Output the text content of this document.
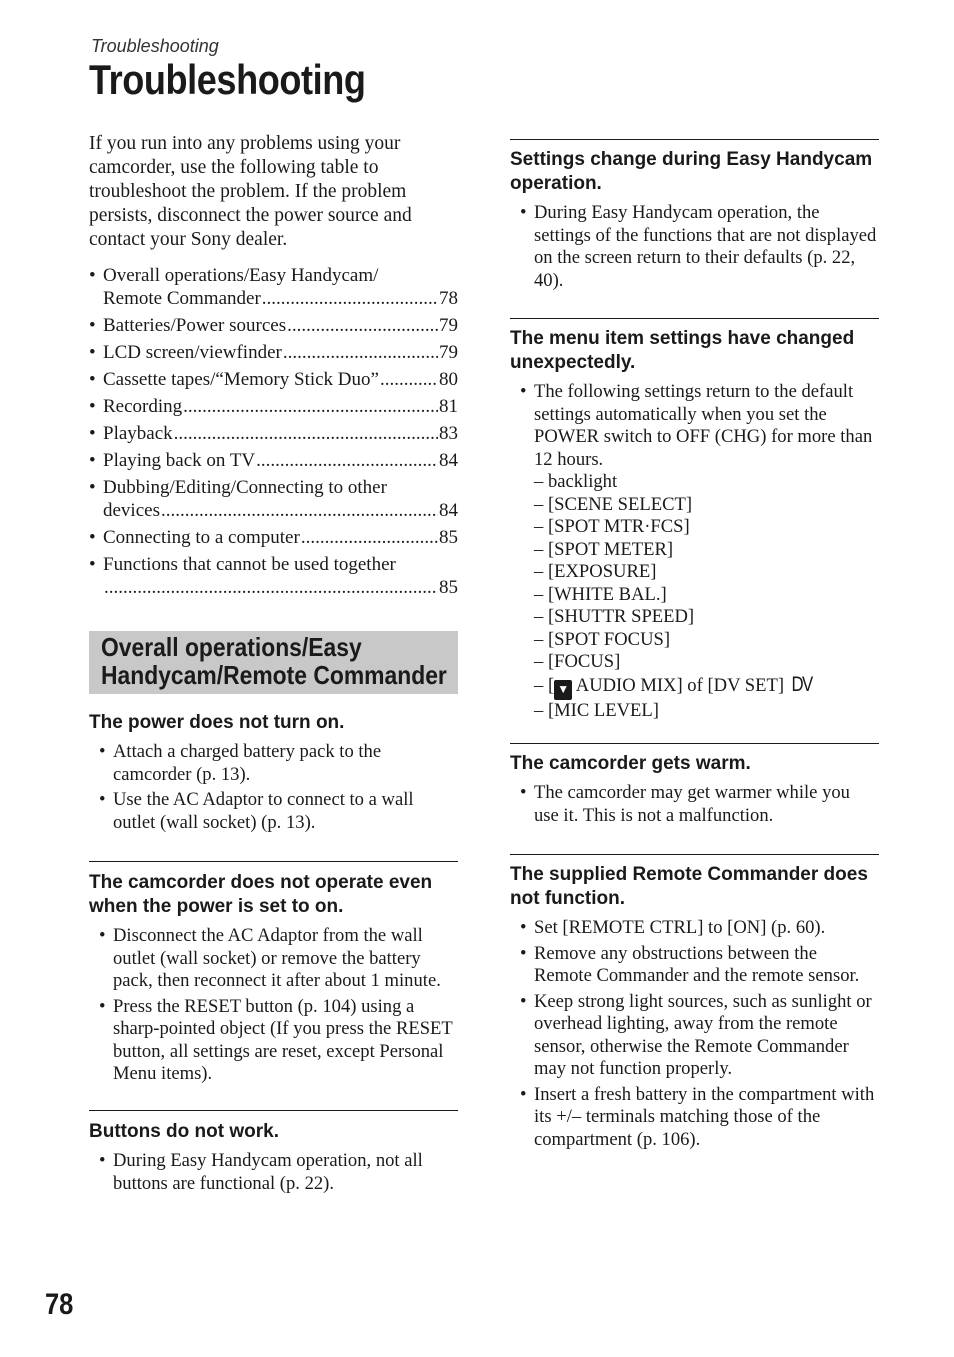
Troubleshooting
Troubleshooting

If you run into any problems using your camcorder, use the following table to troubleshoot the problem. If the problem persists, disconnect the power source and contact your Sony dealer.

• Overall operations/Easy Handycam/
Remote Commander .....	78
• Batteries/Power sources .....	79
• LCD screen/viewfinder .....	79
• Cassette tapes/“Memory Stick Duo” .....	80
• Recording .....	81
• Playback .....	83
• Playing back on TV .....	84
• Dubbing/Editing/Connecting to other
devices .....	84
• Connecting to a computer .....	85
• Functions that cannot be used together
.....
85
Overall operations/Easy Handycam/Remote Commander
The power does not turn on.
• Attach a charged battery pack to the camcorder (p. 13).
• Use the AC Adaptor to connect to a wall outlet (wall socket) (p. 13).
The camcorder does not operate even when the power is set to on.
• Disconnect the AC Adaptor from the wall outlet (wall socket) or remove the battery pack, then reconnect it after about 1 minute.
• Press the RESET button (p. 104) using a sharp-pointed object (If you press the RESET button, all settings are reset, except Personal Menu items).
Buttons do not work.
• During Easy Handycam operation, not all buttons are functional (p. 22).
Settings change during Easy Handycam operation.
• During Easy Handycam operation, the settings of the functions that are not displayed on the screen return to their defaults (p. 22, 40).
The menu item settings have changed unexpectedly.
• The following settings return to the default settings automatically when you set the POWER switch to OFF (CHG) for more than 12 hours.
– backlight
– [SCENE SELECT]
– [SPOT MTR·FCS]
– [SPOT METER]
– [EXPOSURE]
– [WHITE BAL.]
– [SHUTTR SPEED]
– [SPOT FOCUS]
– [FOCUS]
– [ ▼ AUDIO MIX] of [DV SET] DV
– [MIC LEVEL]
The camcorder gets warm.
• The camcorder may get warmer while you use it. This is not a malfunction.
The supplied Remote Commander does not function.
• Set [REMOTE CTRL] to [ON] (p. 60).
• Remove any obstructions between the Remote Commander and the remote sensor.
• Keep strong light sources, such as sunlight or overhead lighting, away from the remote sensor, otherwise the Remote Commander may not function properly.
• Insert a fresh battery in the compartment with its +/– terminals matching those of the compartment (p. 106).
78
